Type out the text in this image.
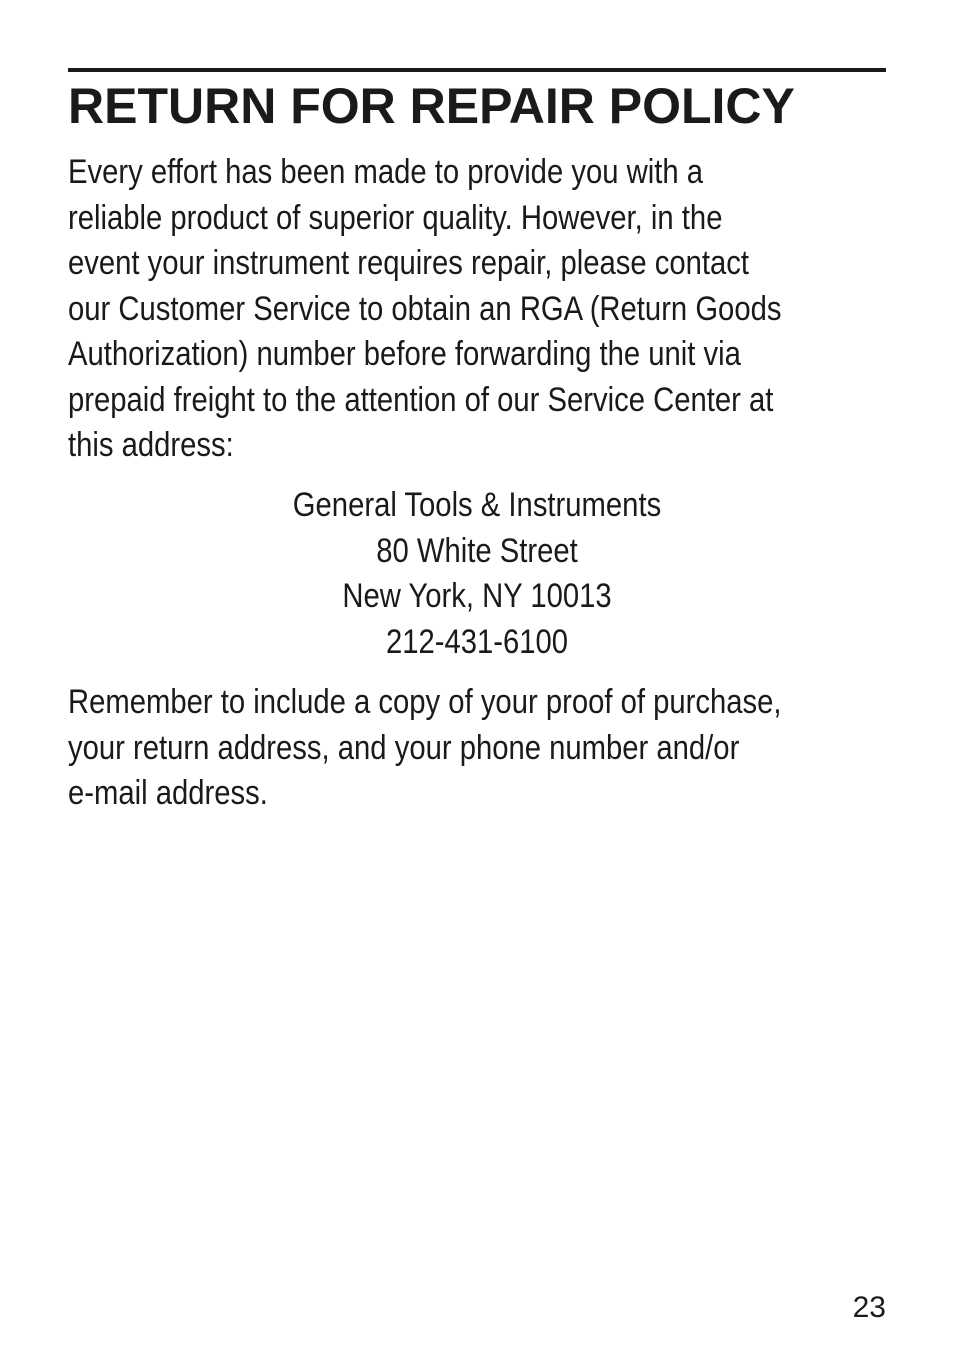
RETURN FOR REPAIR POLICY

Every effort has been made to provide you with a
reliable product of superior quality. However, in the
event your instrument requires repair, please contact
our Customer Service to obtain an RGA (Return Goods
Authorization) number before forwarding the unit via
prepaid freight to the attention of our Service Center at
this address:

General Tools & Instruments
80 White Street
New York, NY 10013
212-431-6100

Remember to include a copy of your proof of purchase,
your return address, and your phone number and/or
e-mail address.

23
